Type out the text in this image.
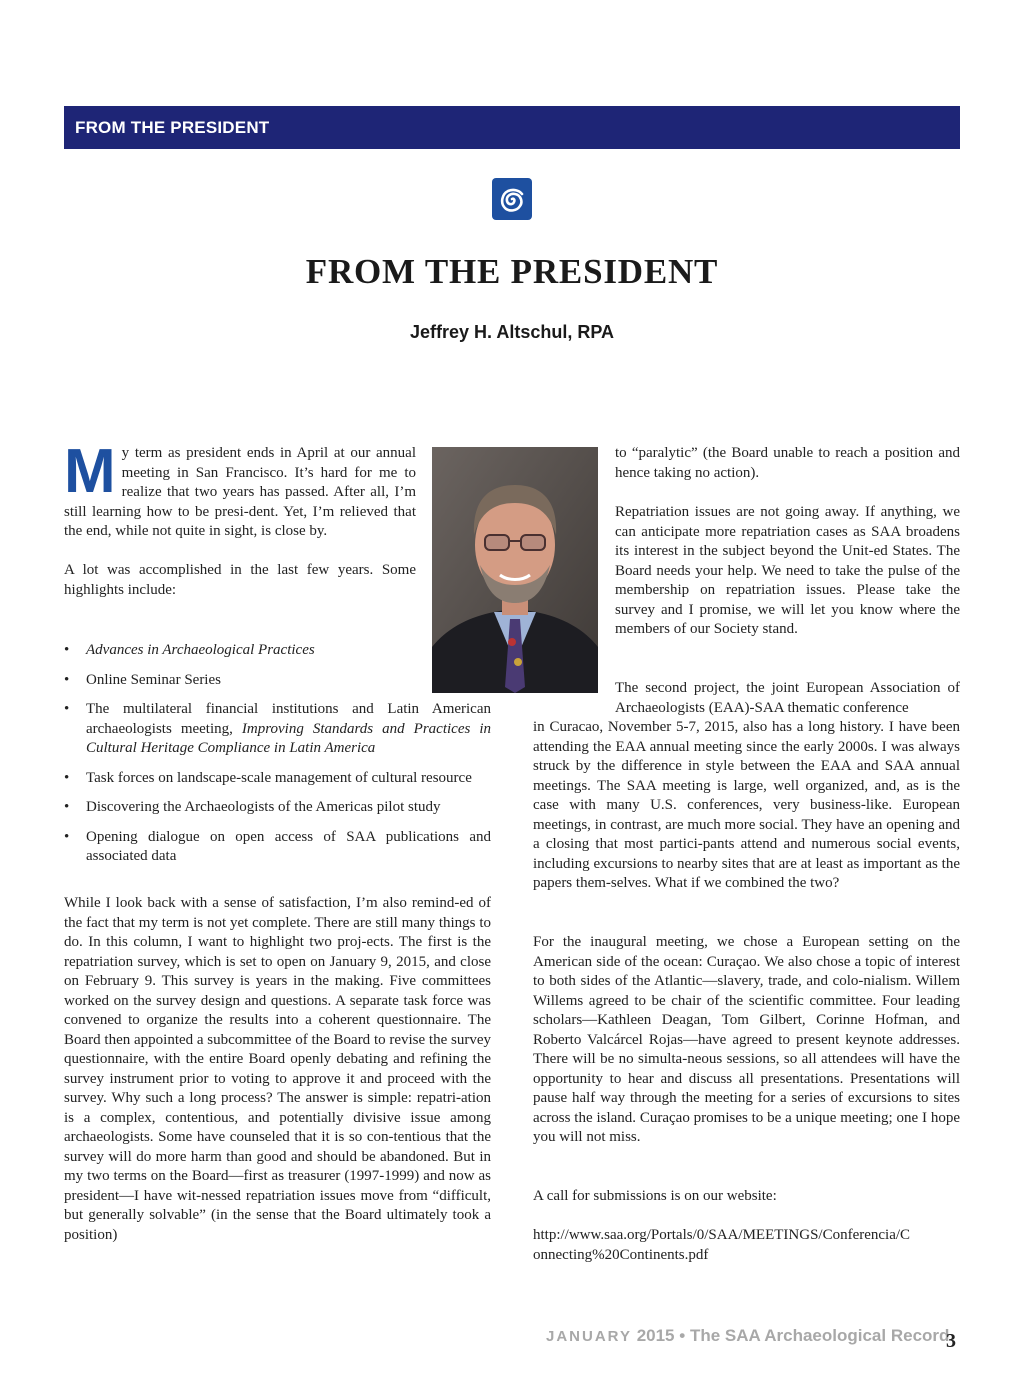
FROM THE PRESIDENT
FROM THE PRESIDENT
Jeffrey H. Altschul, RPA
M y term as president ends in April at our annual meeting in San Francisco. It’s hard for me to realize that two years has passed. After all, I’m still learning how to be presi-dent. Yet, I’m relieved that the end, while not quite in sight, is close by.

A lot was accomplished in the last few years. Some highlights include:

• Advances in Archaeological Practices
• Online Seminar Series
• The multilateral financial institutions and Latin American archaeologists meeting, Improving Standards and Practices in Cultural Heritage Compliance in Latin America
• Task forces on landscape-scale management of cultural resource
• Discovering the Archaeologists of the Americas pilot study
• Opening dialogue on open access of SAA publications and associated data
While I look back with a sense of satisfaction, I’m also remind-ed of the fact that my term is not yet complete. There are still many things to do. In this column, I want to highlight two proj-ects. The first is the repatriation survey, which is set to open on January 9, 2015, and close on February 9. This survey is years in the making. Five committees worked on the survey design and questions. A separate task force was convened to organize the results into a coherent questionnaire. The Board then appointed a subcommittee of the Board to revise the survey questionnaire, with the entire Board openly debating and refining the survey instrument prior to voting to approve it and proceed with the survey. Why such a long process? The answer is simple: repatri-ation is a complex, contentious, and potentially divisive issue among archaeologists. Some have counseled that it is so con-tentious that the survey will do more harm than good and should be abandoned. But in my two terms on the Board—first as treasurer (1997-1999) and now as president—I have wit-nessed repatriation issues move from “difficult, but generally solvable” (in the sense that the Board ultimately took a position)
to “paralytic” (the Board unable to reach a position and hence taking no action).
Repatriation issues are not going away. If anything, we can anticipate more repatriation cases as SAA broadens its interest in the subject beyond the Unit-ed States. The Board needs your help. We need to take the pulse of the membership on repatriation issues. Please take the survey and I promise, we will let you know where the members of our Society stand.
The second project, the joint European Association of Archaeologists (EAA)-SAA thematic conference
in Curacao, November 5-7, 2015, also has a long history. I have been attending the EAA annual meeting since the early 2000s. I was always struck by the difference in style between the EAA and SAA annual meetings. The SAA meeting is large, well organized, and, as is the case with many U.S. conferences, very business-like. European meetings, in contrast, are much more social. They have an opening and a closing that most partici-pants attend and numerous social events, including excursions to nearby sites that are at least as important as the papers them-selves. What if we combined the two?
For the inaugural meeting, we chose a European setting on the American side of the ocean: Curaçao. We also chose a topic of interest to both sides of the Atlantic—slavery, trade, and colo-nialism. Willem Willems agreed to be chair of the scientific committee. Four leading scholars—Kathleen Deagan, Tom Gilbert, Corinne Hofman, and Roberto Valcárcel Rojas—have agreed to present keynote addresses. There will be no simulta-neous sessions, so all attendees will have the opportunity to hear and discuss all presentations. Presentations will pause half way through the meeting for a series of excursions to sites across the island. Curaçao promises to be a unique meeting; one I hope you will not miss.
A call for submissions is on our website:
http://www.saa.org/Portals/0/SAA/MEETINGS/Conferencia/C
onnecting%20Continents.pdf
JANUARY 2015 • The SAA Archaeological Record
3
